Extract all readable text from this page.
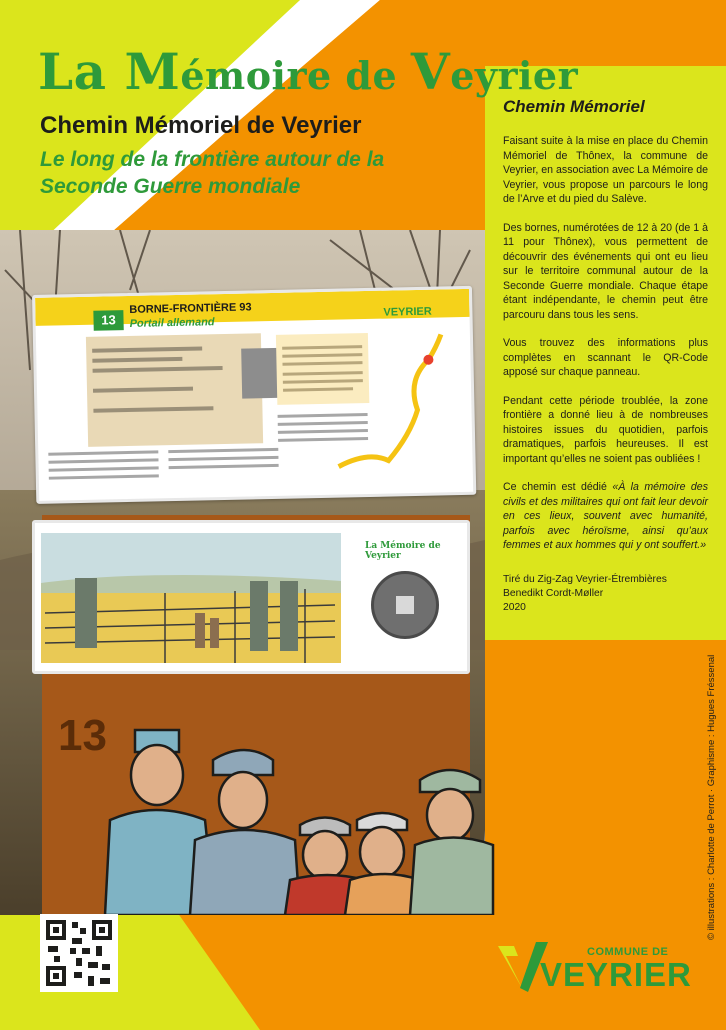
La Mémoire de Veyrier
Chemin Mémoriel de Veyrier
Le long de la frontière autour de la Seconde Guerre mondiale
13
13
BORNE-FRONTIÈRE 93
Portail allemand
VEYRIER
La Mémoire de Veyrier
Chemin Mémoriel

Faisant suite à la mise en place du Chemin Mémoriel de Thônex, la commune de Veyrier, en association avec La Mémoire de Veyrier, vous propose un parcours le long de l’Arve et du pied du Salève.

Des bornes, numérotées de 12 à 20 (de 1 à 11 pour Thônex), vous permettent de découvrir des événements qui ont eu lieu sur le territoire communal autour de la Seconde Guerre mondiale. Chaque étape étant indépendante, le chemin peut être parcouru dans tous les sens.

Vous trouvez des informations plus complètes en scannant le QR-Code apposé sur chaque panneau.

Pendant cette période troublée, la zone frontière a donné lieu à de nombreuses histoires issues du quotidien, parfois dramatiques, parfois heureuses. Il est important qu’elles ne soient pas oubliées !

Ce chemin est dédié «À la mémoire des civils et des militaires qui ont fait leur devoir en ces lieux, souvent avec humanité, parfois avec héroïsme, ainsi qu’aux femmes et aux hommes qui y ont souffert.»

Tiré du Zig-Zag Veyrier-Étrembières
Benedikt Cordt-Møller
2020
COMMUNE DE
VEYRIER
© illustrations : Charlotte de Perrot · Graphisme : Hugues Fréssenal
